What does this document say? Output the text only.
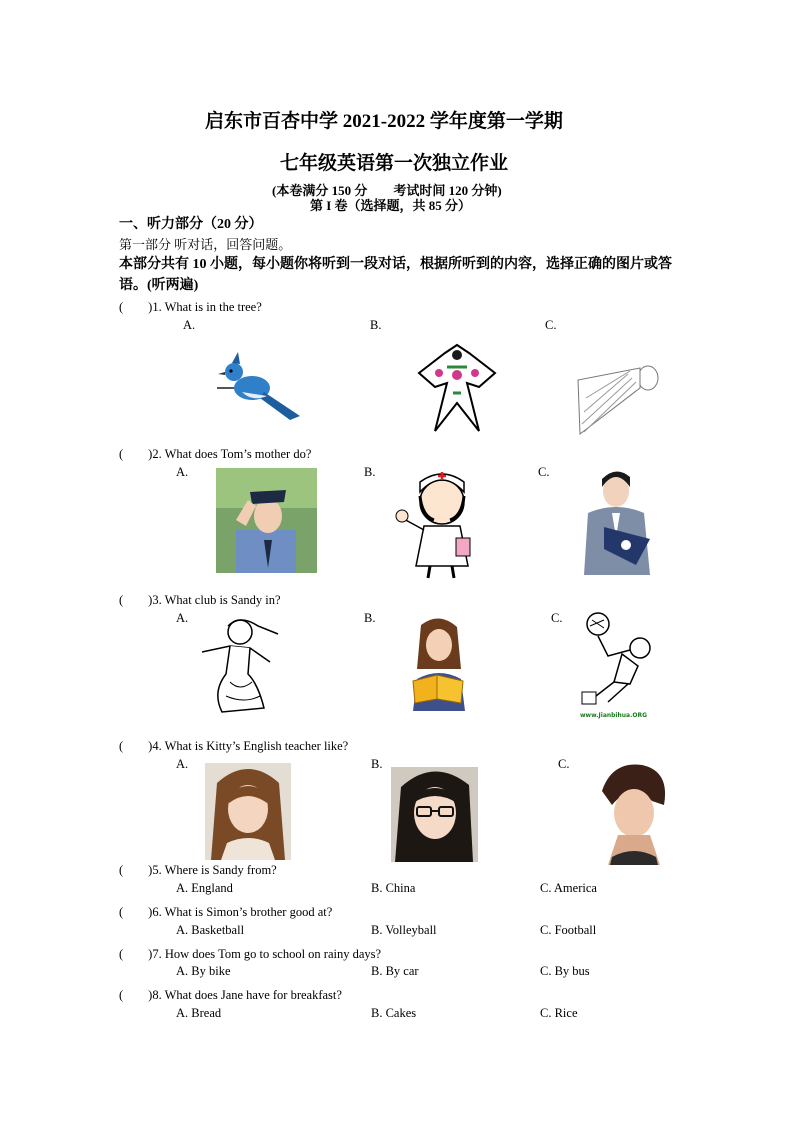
启东市百杏中学 2021-2022 学年度第一学期
七年级英语第一次独立作业
(本卷满分 150 分　　考试时间 120 分钟)
第 I 卷（选择题，共 85 分）
一、听力部分（20 分）
第一部分 听对话，回答问题。
本部分共有 10 小题，每小题你将听到一段对话，根据所听到的内容，选择正确的图片或答
语。(听两遍)
(　　)1. What is in the tree?
A.	B.	C.
(　　)2. What does Tom’s mother do?
A.	B.	C.
(　　)3. What club is Sandy in?
A.	B.	C.
www.Jianbihua.ORG
(　　)4. What is Kitty’s English teacher like?
A.	B.	C.
(　　)5. Where is Sandy from?
A. England	B. China	C. America
(　　)6. What is Simon’s brother good at?
A. Basketball	B. Volleyball	C. Football
(　　)7. How does Tom go to school on rainy days?
A. By bike	B. By car	C. By bus
(　　)8. What does Jane have for breakfast?
A. Bread	B. Cakes	C. Rice
